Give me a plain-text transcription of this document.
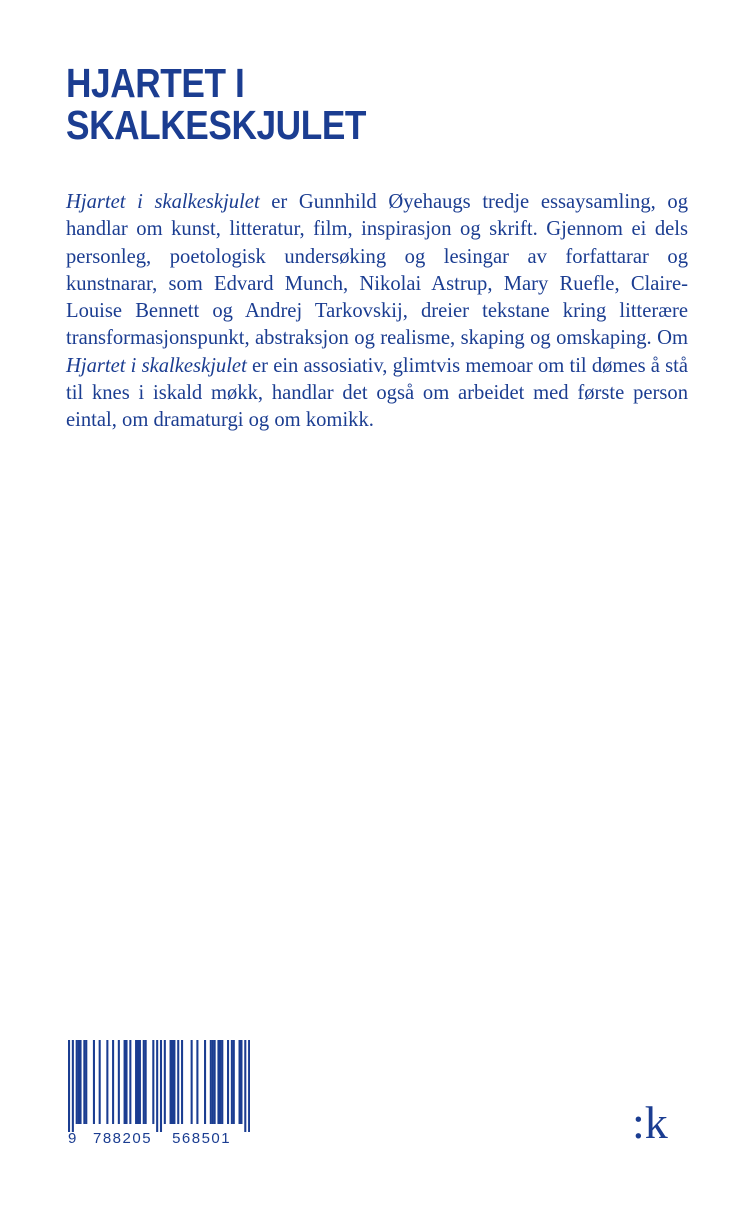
HJARTET I
SKALKESKJULET

Hjartet i skalkeskjulet er Gunnhild Øyehaugs tredje essaysamling, og handlar om kunst, litteratur, film, inspirasjon og skrift. Gjennom ei dels personleg, poetologisk undersøking og lesingar av forfattarar og kunstnarar, som Edvard Munch, Nikolai Astrup, Mary Ruefle, Claire-Louise Bennett og Andrej Tarkovskij, dreier tekstane kring litterære transformasjonspunkt, abstraksjon og realisme, skaping og omskaping. Om Hjartet i skalkeskjulet er ein assosiativ, glimtvis memoar om til dømes å stå til knes i iskald møkk, handlar det også om arbeidet med første person eintal, om dramaturgi og om komikk.

9	788205 568501	:k
